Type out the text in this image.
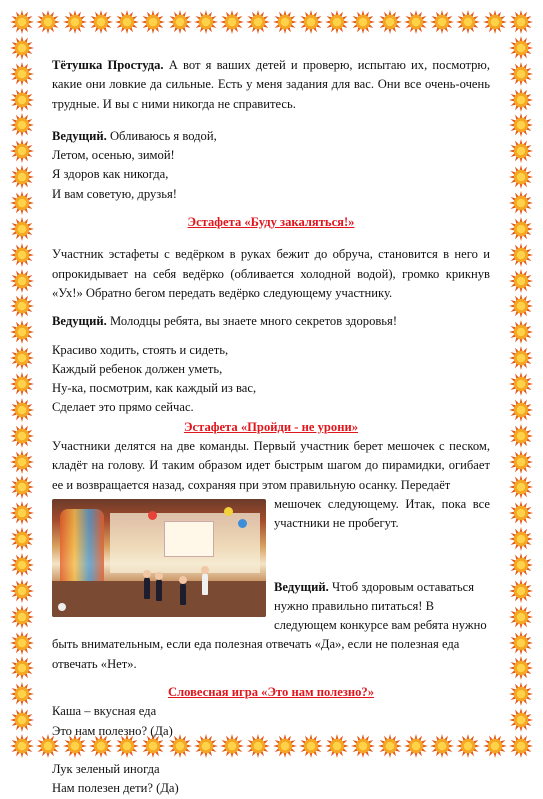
Тётушка Простуда. А вот я ваших детей и проверю, испытаю их, посмотрю, какие они ловкие да сильные. Есть у меня задания для вас. Они все очень-очень трудные. И вы с ними никогда не справитесь.

Ведущий. Обливаюсь я водой,

Летом, осенью, зимой!

Я здоров как никогда,

И вам советую, друзья!

Эстафета «Буду закаляться!»

Участник эстафеты с ведёрком в руках бежит до обруча, становится в него и опрокидывает на себя ведёрко (обливается холодной водой), громко крикнув «Ух!» Обратно бегом передать ведёрко следующему участнику.

Ведущий. Молодцы ребята, вы знаете много секретов здоровья!

Красиво ходить, стоять и сидеть,

Каждый ребенок должен уметь,

Ну-ка, посмотрим, как каждый из вас,

Сделает это прямо сейчас.

Эстафета «Пройди - не урони»

Участники делятся на две команды. Первый участник берет мешочек с песком, кладёт на голову. И таким образом идет быстрым шагом до пирамидки, огибает ее и возвращается назад, сохраняя при этом правильную осанку. Передаёт

мешочек следующему. Итак, пока все участники не пробегут.

Ведущий. Чтоб здоровым оставаться нужно правильно питаться! В следующем конкурсе вам ребята нужно быть внимательным, если еда полезная отвечать «Да», если не полезная еда отвечать «Нет».

Словесная игра «Это нам полезно?»

Каша – вкусная еда

Это нам полезно? (Да)

Лук зеленый иногда

Нам полезен дети? (Да)
